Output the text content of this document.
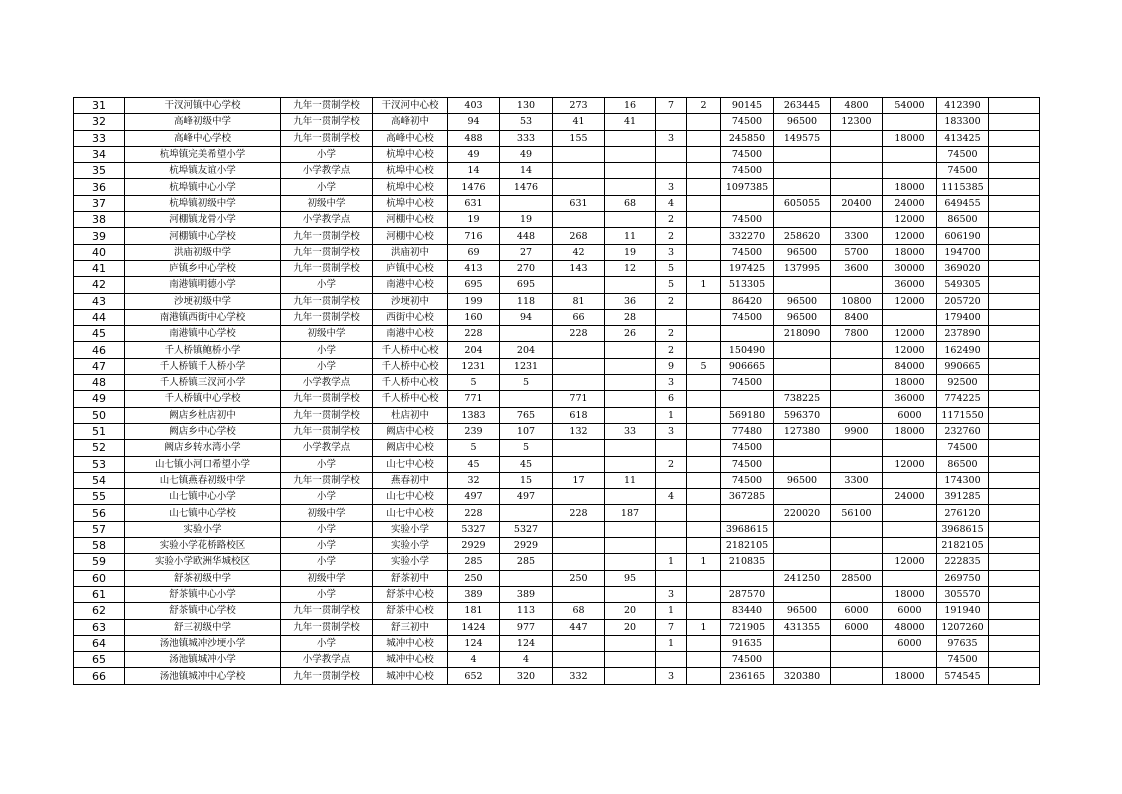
31	干汊河镇中心学校	九年一贯制学校	干汊河中心校	403	130	273	16	7	2	90145	263445	4800	54000	412390	
32	高峰初级中学	九年一贯制学校	高峰初中	94	53	41	41			74500	96500	12300		183300	
33	高峰中心学校	九年一贯制学校	高峰中心校	488	333	155		3		245850	149575		18000	413425	
34	杭埠镇完美希望小学	小学	杭埠中心校	49	49					74500				74500	
35	杭埠镇友谊小学	小学教学点	杭埠中心校	14	14					74500				74500	
36	杭埠镇中心小学	小学	杭埠中心校	1476	1476			3		1097385			18000	1115385	
37	杭埠镇初级中学	初级中学	杭埠中心校	631		631	68	4			605055	20400	24000	649455	
38	河棚镇龙骨小学	小学教学点	河棚中心校	19	19			2		74500			12000	86500	
39	河棚镇中心学校	九年一贯制学校	河棚中心校	716	448	268	11	2		332270	258620	3300	12000	606190	
40	洪庙初级中学	九年一贯制学校	洪庙初中	69	27	42	19	3		74500	96500	5700	18000	194700	
41	庐镇乡中心学校	九年一贯制学校	庐镇中心校	413	270	143	12	5		197425	137995	3600	30000	369020	
42	南港镇明德小学	小学	南港中心校	695	695			5	1	513305			36000	549305	
43	沙埂初级中学	九年一贯制学校	沙埂初中	199	118	81	36	2		86420	96500	10800	12000	205720	
44	南港镇西街中心学校	九年一贯制学校	西街中心校	160	94	66	28			74500	96500	8400		179400	
45	南港镇中心学校	初级中学	南港中心校	228		228	26	2			218090	7800	12000	237890	
46	千人桥镇鲍桥小学	小学	千人桥中心校	204	204			2		150490			12000	162490	
47	千人桥镇千人桥小学	小学	千人桥中心校	1231	1231			9	5	906665			84000	990665	
48	千人桥镇三汊河小学	小学教学点	千人桥中心校	5	5			3		74500			18000	92500	
49	千人桥镇中心学校	九年一贯制学校	千人桥中心校	771		771		6			738225		36000	774225	
50	阙店乡杜店初中	九年一贯制学校	杜店初中	1383	765	618		1		569180	596370		6000	1171550	
51	阙店乡中心学校	九年一贯制学校	阙店中心校	239	107	132	33	3		77480	127380	9900	18000	232760	
52	阙店乡转水湾小学	小学教学点	阙店中心校	5	5					74500				74500	
53	山七镇小河口希望小学	小学	山七中心校	45	45			2		74500			12000	86500	
54	山七镇燕春初级中学	九年一贯制学校	燕春初中	32	15	17	11			74500	96500	3300		174300	
55	山七镇中心小学	小学	山七中心校	497	497			4		367285			24000	391285	
56	山七镇中心学校	初级中学	山七中心校	228		228	187				220020	56100		276120	
57	实验小学	小学	实验小学	5327	5327					3968615				3968615	
58	实验小学花桥路校区	小学	实验小学	2929	2929					2182105				2182105	
59	实验小学欧洲华城校区	小学	实验小学	285	285			1	1	210835			12000	222835	
60	舒茶初级中学	初级中学	舒茶初中	250		250	95				241250	28500		269750	
61	舒茶镇中心小学	小学	舒茶中心校	389	389			3		287570			18000	305570	
62	舒茶镇中心学校	九年一贯制学校	舒茶中心校	181	113	68	20	1		83440	96500	6000	6000	191940	
63	舒三初级中学	九年一贯制学校	舒三初中	1424	977	447	20	7	1	721905	431355	6000	48000	1207260	
64	汤池镇城冲沙埂小学	小学	城冲中心校	124	124			1		91635			6000	97635	
65	汤池镇城冲小学	小学教学点	城冲中心校	4	4					74500				74500	
66	汤池镇城冲中心学校	九年一贯制学校	城冲中心校	652	320	332		3		236165	320380		18000	574545	
